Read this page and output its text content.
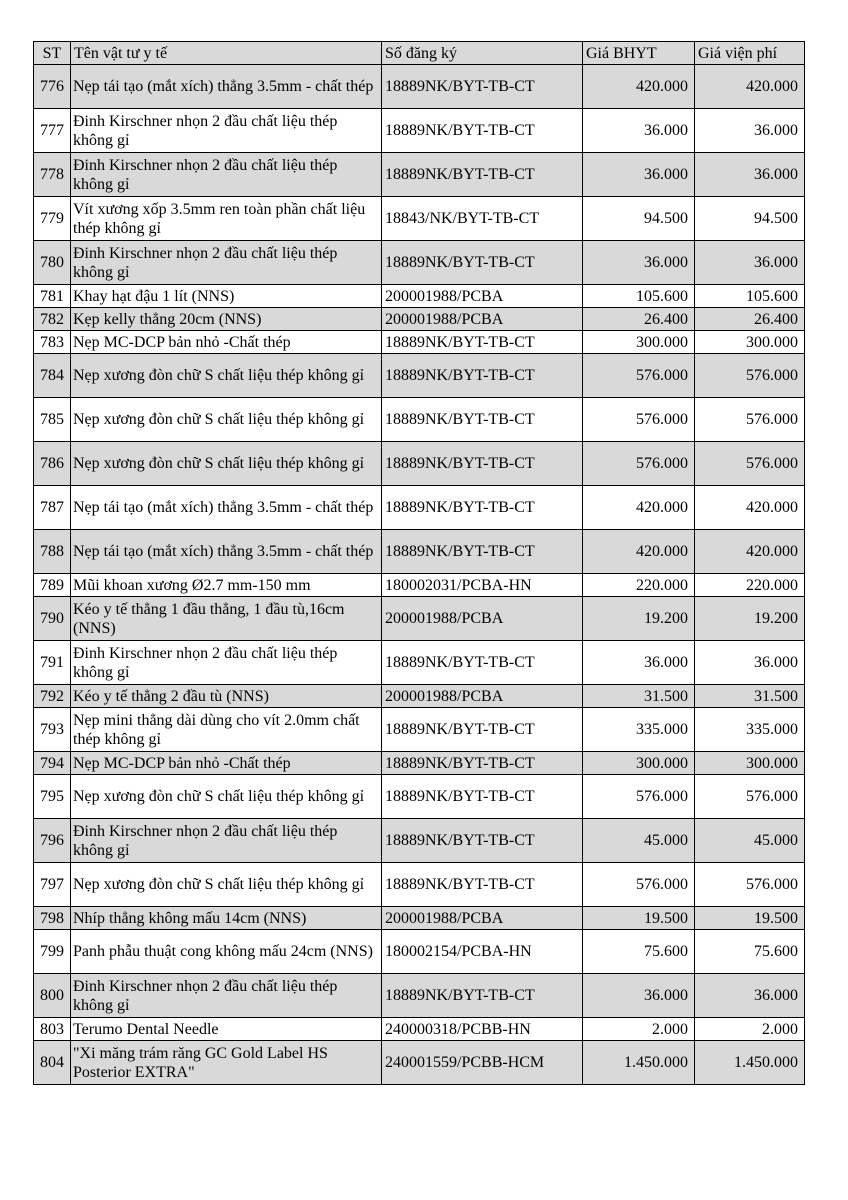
ST	Tên vật tư y tế	Số đăng ký	Giá BHYT	Giá viện phí
776	Nẹp tái tạo (mắt xích) thẳng 3.5mm - chất thép	18889NK/BYT-TB-CT	420.000	420.000
777	Đinh Kirschner nhọn 2 đầu chất liệu thép không gỉ	18889NK/BYT-TB-CT	36.000	36.000
778	Đinh Kirschner nhọn 2 đầu chất liệu thép không gỉ	18889NK/BYT-TB-CT	36.000	36.000
779	Vít xương xốp 3.5mm ren toàn phần chất liệu thép không gỉ	18843/NK/BYT-TB-CT	94.500	94.500
780	Đinh Kirschner nhọn 2 đầu chất liệu thép không gỉ	18889NK/BYT-TB-CT	36.000	36.000
781	Khay hạt đậu 1 lít (NNS)	200001988/PCBA	105.600	105.600
782	Kẹp kelly thẳng 20cm (NNS)	200001988/PCBA	26.400	26.400
783	Nẹp MC-DCP bản nhỏ -Chất thép	18889NK/BYT-TB-CT	300.000	300.000
784	Nẹp xương đòn chữ S chất liệu thép không gỉ	18889NK/BYT-TB-CT	576.000	576.000
785	Nẹp xương đòn chữ S chất liệu thép không gỉ	18889NK/BYT-TB-CT	576.000	576.000
786	Nẹp xương đòn chữ S chất liệu thép không gỉ	18889NK/BYT-TB-CT	576.000	576.000
787	Nẹp tái tạo (mắt xích) thẳng 3.5mm - chất thép	18889NK/BYT-TB-CT	420.000	420.000
788	Nẹp tái tạo (mắt xích) thẳng 3.5mm - chất thép	18889NK/BYT-TB-CT	420.000	420.000
789	Mũi khoan xương Ø2.7 mm-150 mm	180002031/PCBA-HN	220.000	220.000
790	Kéo y tế thẳng 1 đầu thẳng, 1 đầu tù,16cm (NNS)	200001988/PCBA	19.200	19.200
791	Đinh Kirschner nhọn 2 đầu chất liệu thép không gỉ	18889NK/BYT-TB-CT	36.000	36.000
792	Kéo y tế thẳng 2 đầu tù (NNS)	200001988/PCBA	31.500	31.500
793	Nẹp mini thẳng dài dùng cho vít 2.0mm chất thép không gỉ	18889NK/BYT-TB-CT	335.000	335.000
794	Nẹp MC-DCP bản nhỏ -Chất thép	18889NK/BYT-TB-CT	300.000	300.000
795	Nẹp xương đòn chữ S chất liệu thép không gỉ	18889NK/BYT-TB-CT	576.000	576.000
796	Đinh Kirschner nhọn 2 đầu chất liệu thép không gỉ	18889NK/BYT-TB-CT	45.000	45.000
797	Nẹp xương đòn chữ S chất liệu thép không gỉ	18889NK/BYT-TB-CT	576.000	576.000
798	Nhíp thẳng không mấu 14cm (NNS)	200001988/PCBA	19.500	19.500
799	Panh phẫu thuật cong không mấu 24cm (NNS)	180002154/PCBA-HN	75.600	75.600
800	Đinh Kirschner nhọn 2 đầu chất liệu thép không gỉ	18889NK/BYT-TB-CT	36.000	36.000
803	Terumo Dental Needle	240000318/PCBB-HN	2.000	2.000
804	"Xi măng trám răng GC Gold Label HS Posterior EXTRA"	240001559/PCBB-HCM	1.450.000	1.450.000
